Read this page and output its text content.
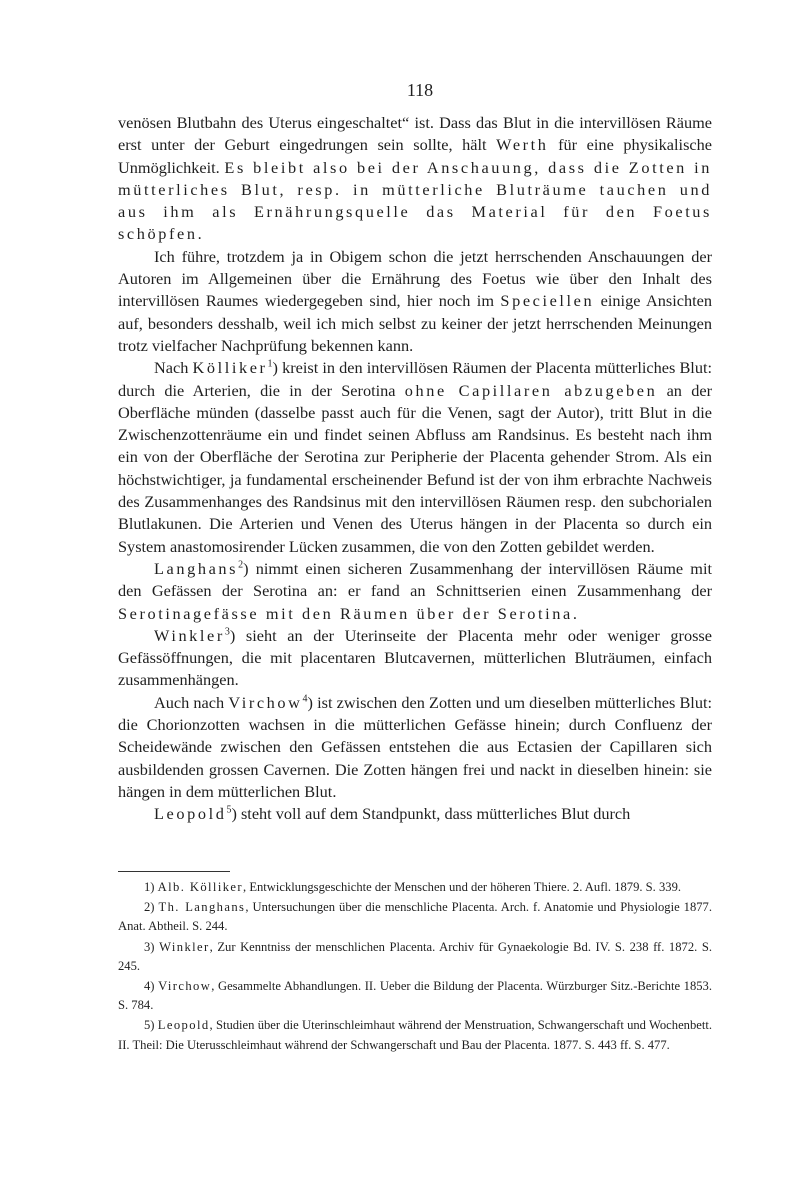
118

venösen Blutbahn des Uterus eingeschaltet“ ist. Dass das Blut in die intervillösen Räume erst unter der Geburt eingedrungen sein sollte, hält Werth für eine physikalische Unmöglichkeit. Es bleibt also bei der Anschauung, dass die Zotten in mütterliches Blut, resp. in mütterliche Bluträume tauchen und aus ihm als Ernährungsquelle das Material für den Foetus schöpfen.

Ich führe, trotzdem ja in Obigem schon die jetzt herrschenden Anschauungen der Autoren im Allgemeinen über die Ernährung des Foetus wie über den Inhalt des intervillösen Raumes wiedergegeben sind, hier noch im Speciellen einige Ansichten auf, besonders desshalb, weil ich mich selbst zu keiner der jetzt herrschenden Meinungen trotz vielfacher Nachprüfung bekennen kann.

Nach Kölliker$^1$) kreist in den intervillösen Räumen der Placenta mütterliches Blut: durch die Arterien, die in der Serotina ohne Capillaren abzugeben an der Oberfläche münden (dasselbe passt auch für die Venen, sagt der Autor), tritt Blut in die Zwischenzottenräume ein und findet seinen Abfluss am Randsinus. Es besteht nach ihm ein von der Oberfläche der Serotina zur Peripherie der Placenta gehender Strom. Als ein höchstwichtiger, ja fundamental erscheinender Befund ist der von ihm erbrachte Nachweis des Zusammenhanges des Randsinus mit den intervillösen Räumen resp. den subchorialen Blutlakunen. Die Arterien und Venen des Uterus hängen in der Placenta so durch ein System anastomosirender Lücken zusammen, die von den Zotten gebildet werden.

Langhans$^2$) nimmt einen sicheren Zusammenhang der intervillösen Räume mit den Gefässen der Serotina an: er fand an Schnittserien einen Zusammenhang der Serotinagefässe mit den Räumen über der Serotina.

Winkler$^3$) sieht an der Uterinseite der Placenta mehr oder weniger grosse Gefässöffnungen, die mit placentaren Blutcavernen, mütterlichen Bluträumen, einfach zusammenhängen.

Auch nach Virchow$^4$) ist zwischen den Zotten und um dieselben mütterliches Blut: die Chorionzotten wachsen in die mütterlichen Gefässe hinein; durch Confluenz der Scheidewände zwischen den Gefässen entstehen die aus Ectasien der Capillaren sich ausbildenden grossen Cavernen. Die Zotten hängen frei und nackt in dieselben hinein: sie hängen in dem mütterlichen Blut.

Leopold$^5$) steht voll auf dem Standpunkt, dass mütterliches Blut durch

1) Alb. Kölliker, Entwicklungsgeschichte der Menschen und der höheren Thiere. 2. Aufl. 1879. S. 339.

2) Th. Langhans, Untersuchungen über die menschliche Placenta. Arch. f. Anatomie und Physiologie 1877. Anat. Abtheil. S. 244.

3) Winkler, Zur Kenntniss der menschlichen Placenta. Archiv für Gynaekologie Bd. IV. S. 238 ff. 1872. S. 245.

4) Virchow, Gesammelte Abhandlungen. II. Ueber die Bildung der Placenta. Würzburger Sitz.-Berichte 1853. S. 784.

5) Leopold, Studien über die Uterinschleimhaut während der Menstruation, Schwangerschaft und Wochenbett. II. Theil: Die Uterusschleimhaut während der Schwangerschaft und Bau der Placenta. 1877. S. 443 ff. S. 477.
